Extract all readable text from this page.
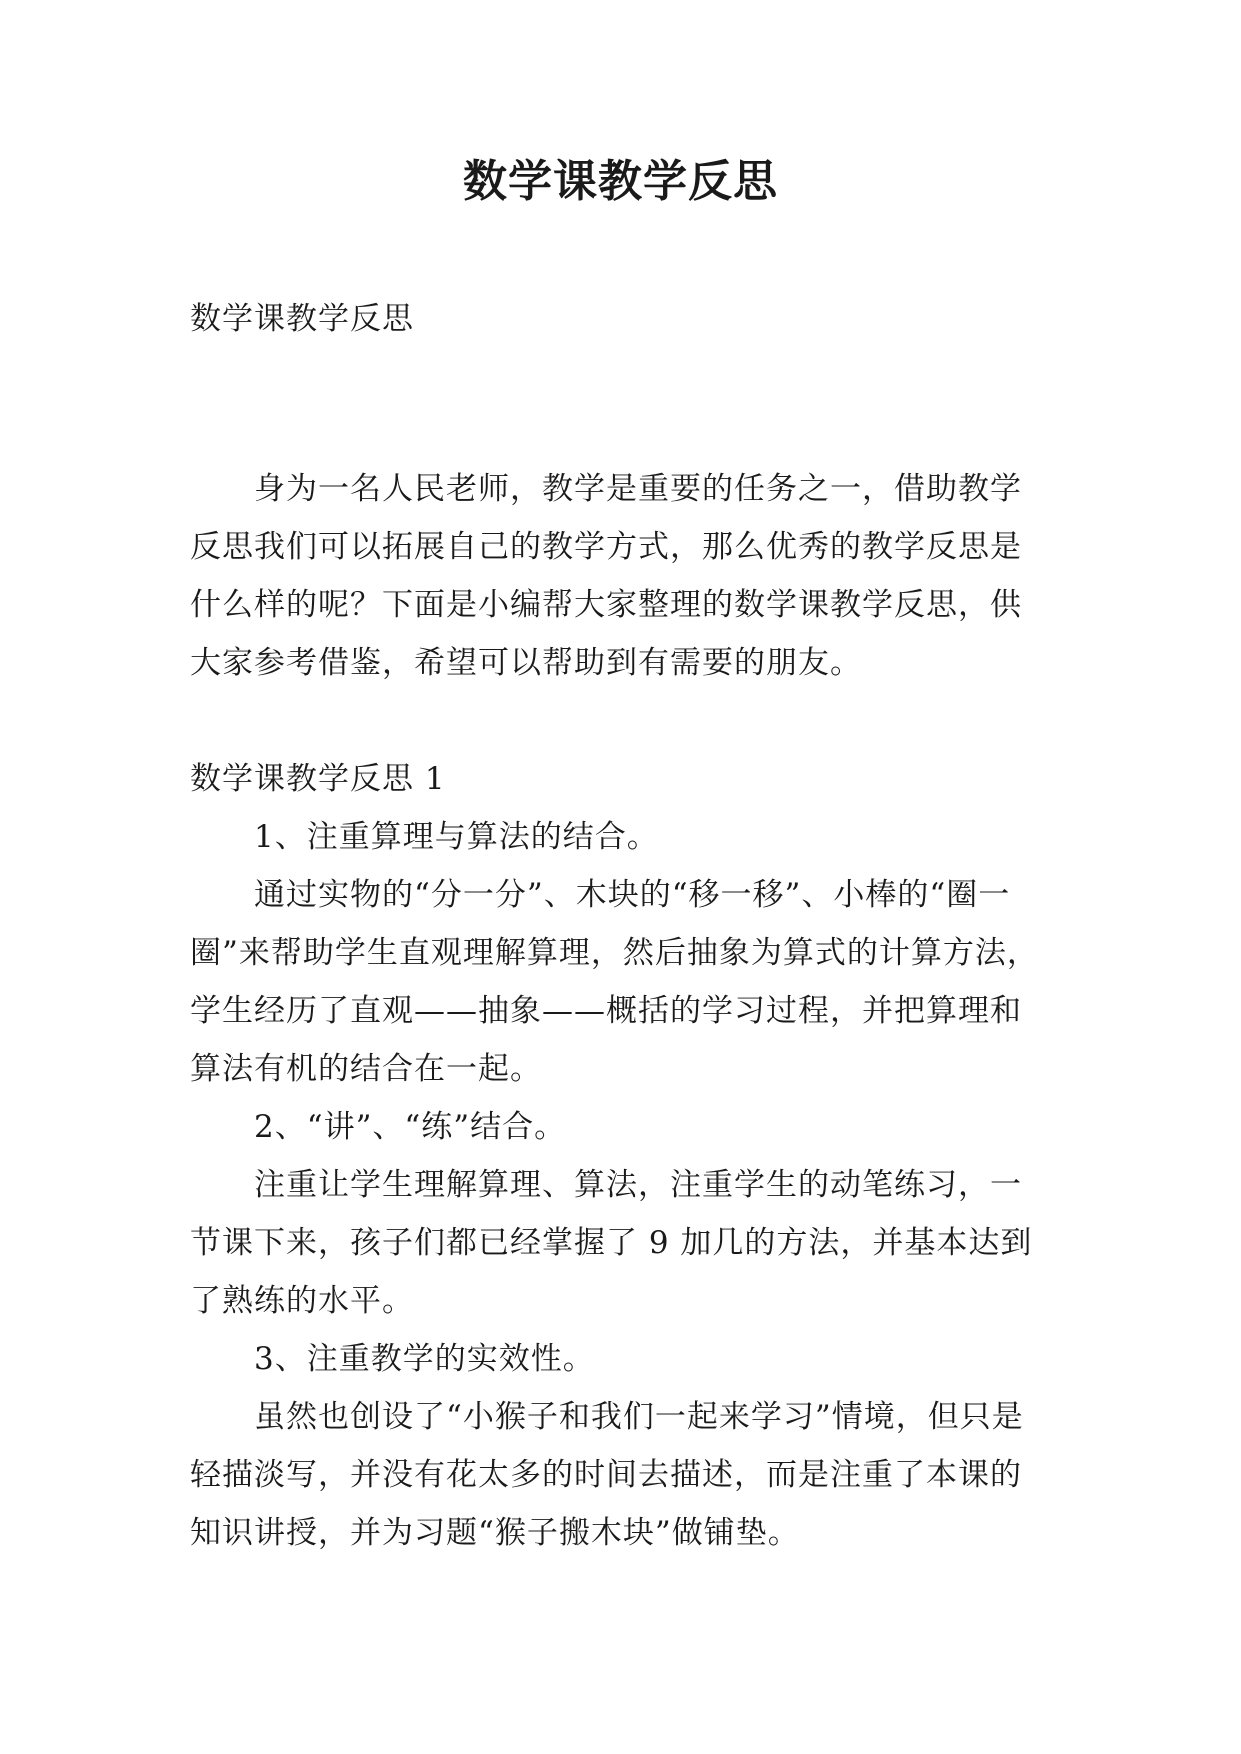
数学课教学反思
数学课教学反思

身为一名人民老师，教学是重要的任务之一，借助教学反思我们可以拓展自己的教学方式，那么优秀的教学反思是什么样的呢？下面是小编帮大家整理的数学课教学反思，供大家参考借鉴，希望可以帮助到有需要的朋友。

数学课教学反思 1

1、注重算理与算法的结合。

通过实物的“分一分”、木块的“移一移”、小棒的“圈一圈”来帮助学生直观理解算理，然后抽象为算式的计算方法，学生经历了直观——抽象——概括的学习过程，并把算理和算法有机的结合在一起。

2、“讲”、“练”结合。

注重让学生理解算理、算法，注重学生的动笔练习，一节课下来，孩子们都已经掌握了 9 加几的方法，并基本达到了熟练的水平。

3、注重教学的实效性。

虽然也创设了“小猴子和我们一起来学习”情境，但只是轻描淡写，并没有花太多的时间去描述，而是注重了本课的知识讲授，并为习题“猴子搬木块”做铺垫。
